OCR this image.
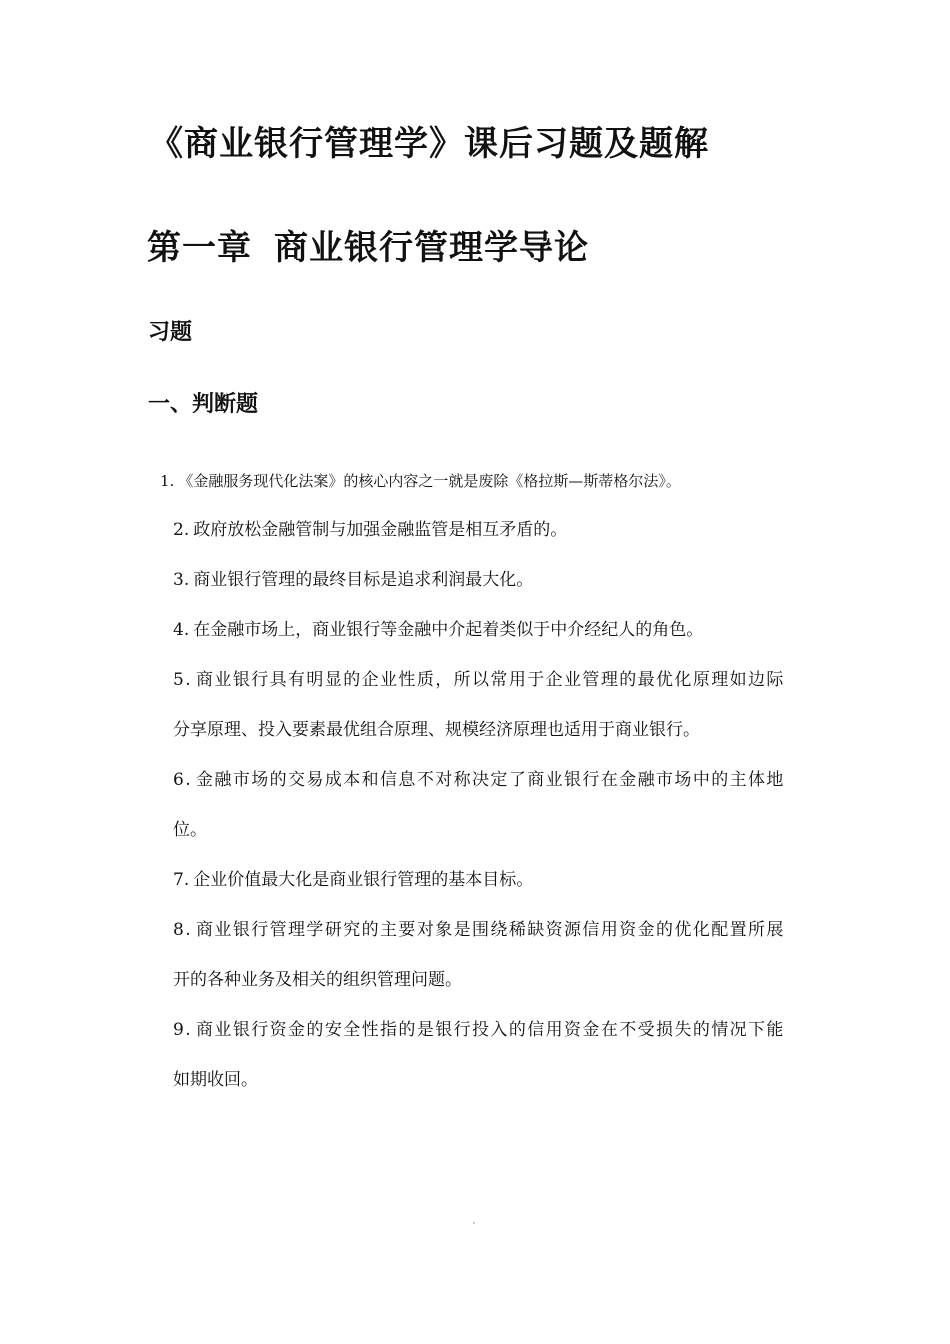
《商业银行管理学》课后习题及题解
第一章 商业银行管理学导论
习题
一、判断题

1. 《金融服务现代化法案》的核心内容之一就是废除《格拉斯—斯蒂格尔法》。

2. 政府放松金融管制与加强金融监管是相互矛盾的。

3. 商业银行管理的最终目标是追求利润最大化。

4. 在金融市场上，商业银行等金融中介起着类似于中介经纪人的角色。

5. 商业银行具有明显的企业性质，所以常用于企业管理的最优化原理如边际

分享原理、投入要素最优组合原理、规模经济原理也适用于商业银行。

6. 金融市场的交易成本和信息不对称决定了商业银行在金融市场中的主体地

位。

7. 企业价值最大化是商业银行管理的基本目标。

8. 商业银行管理学研究的主要对象是围绕稀缺资源信用资金的优化配置所展

开的各种业务及相关的组织管理问题。

9. 商业银行资金的安全性指的是银行投入的信用资金在不受损失的情况下能

如期收回。
